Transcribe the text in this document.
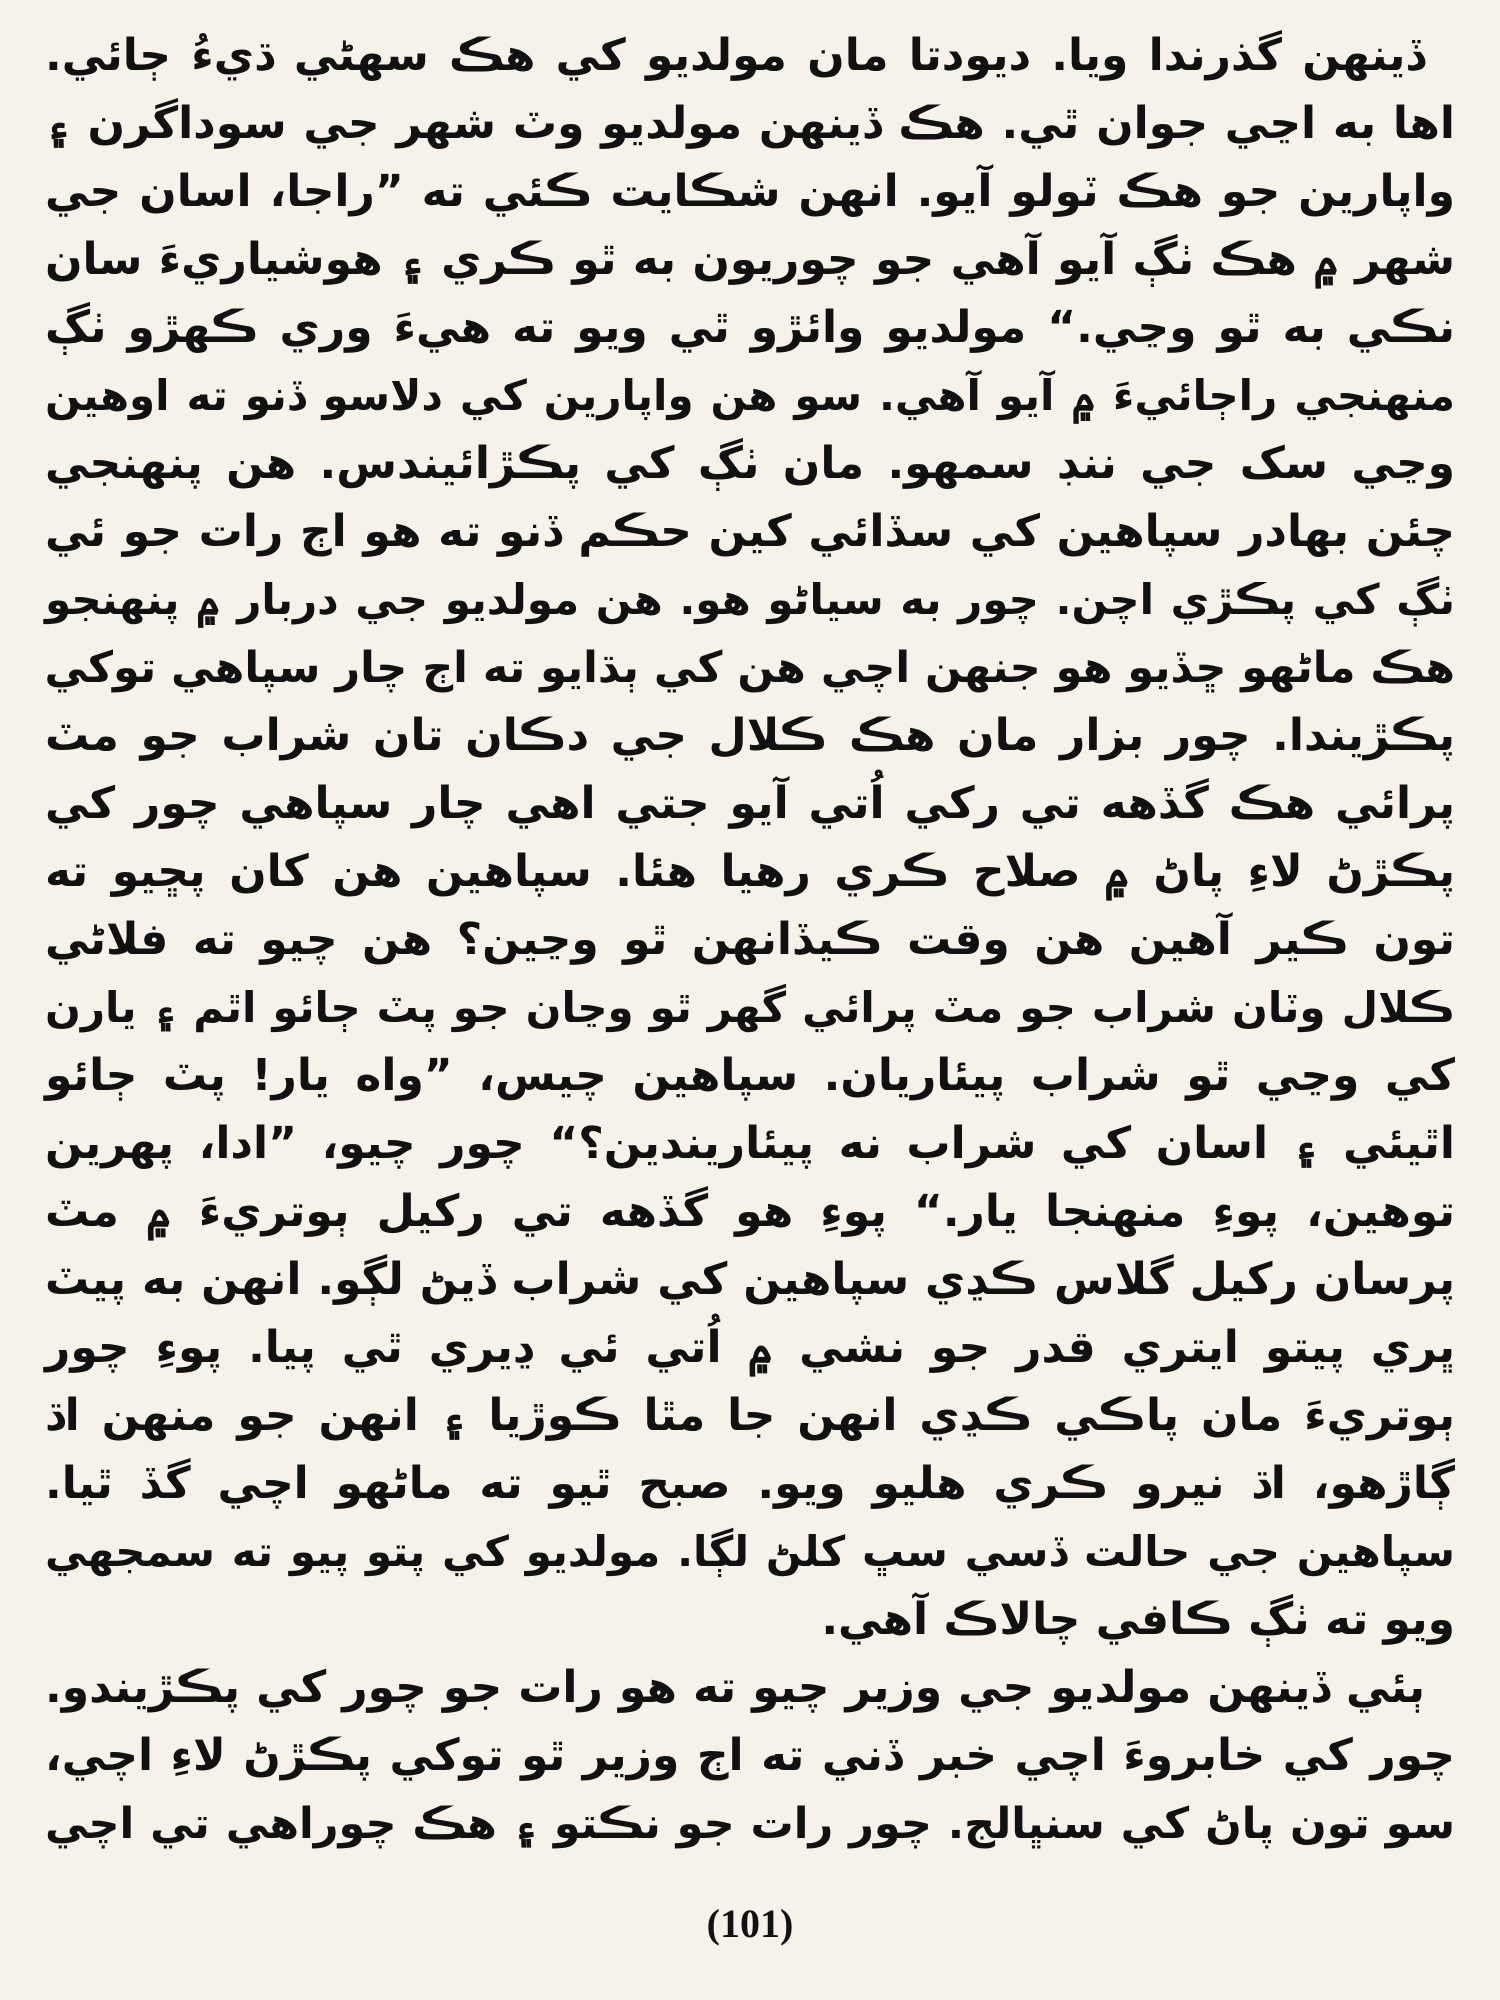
ڏينهن گذرندا ويا. ديودتا مان مولديو کي هڪ سهڻي ڌيءُ ڄائي.
اها به اڃي جوان ٿي. هڪ ڏينهن مولديو وٽ شهر جي سوداگرن ۽
واپارين جو هڪ ٽولو آيو. انهن شڪايت ڪئي ته ”راجا، اسان جي
شهر ۾ هڪ ٺڳ آيو آهي جو چوريون به ٿو ڪري ۽ هوشياريءَ سان
نڪي به ٿو وڃي.“ مولديو وائڙو ٿي ويو ته هيءَ وري ڪهڙو ٺڳ
منهنجي راڄائيءَ ۾ آيو آهي. سو هن واپارين کي دلاسو ڏنو ته اوهين
وڃي سک جي ننڊ سمهو. مان ٺڳ کي پڪڙائيندس. هن پنهنجي
چئن بهادر سپاهين کي سڏائي کين حڪم ڏنو ته هو اڄ رات جو ئي
ٺڳ کي پڪڙي اچن. چور به سياڻو هو. هن مولديو جي دربار ۾ پنهنجو
هڪ ماڻهو ڇڏيو هو جنهن اچي هن کي ٻڌايو ته اڄ چار سپاهي توکي
پڪڙيندا. چور بزار مان هڪ ڪلال جي دڪان تان شراب جو مٽ
پرائي هڪ گڏهه تي رکي اُتي آيو جتي اهي چار سپاهي چور کي
پڪڙڻ لاءِ پاڻ ۾ صلاح ڪري رهيا هئا. سپاهين هن کان پڇيو ته
تون ڪير آهين هن وقت ڪيڏانهن ٿو وڃين؟ هن چيو ته فلاڻي
ڪلال وٽان شراب جو مٽ پرائي گهر ٿو وڃان جو پٽ ڄائو اٿم ۽ يارن
کي وڃي ٿو شراب پيئاريان. سپاهين چيس، ”واه يار! پٽ ڄائو
اٿيئي ۽ اسان کي شراب نه پيئاريندين؟“ چور چيو، ”ادا، پهرين
توهين، پوءِ منهنجا يار.“ پوءِ هو گڏهه تي رکيل ٻوتريءَ ۾ مٽ
پرسان رکيل گلاس ڪڍي سپاهين کي شراب ڏيڻ لڳو. انهن به پيٽ
ڀري پيتو ايتري قدر جو نشي ۾ اُتي ئي ڍيري ٿي پيا. پوءِ چور
ٻوتريءَ مان پاڪي ڪڍي انهن جا مٿا ڪوڙيا ۽ انهن جو منهن اڌ
ڳاڙهو، اڌ نيرو ڪري هليو ويو. صبح ٿيو ته ماڻهو اچي گڏ ٿيا.
سپاهين جي حالت ڏسي سڀ کلڻ لڳا. مولديو کي پتو پيو ته سمجهي
ويو ته ٺڳ ڪافي چالاڪ آهي.
ٻئي ڏينهن مولديو جي وزير چيو ته هو رات جو چور کي پڪڙيندو.
چور کي خابروءَ اچي خبر ڏني ته اڄ وزير ٿو توکي پڪڙڻ لاءِ اچي،
سو تون پاڻ کي سنڀالج. چور رات جو نڪتو ۽ هڪ چوراهي تي اچي
(101)
